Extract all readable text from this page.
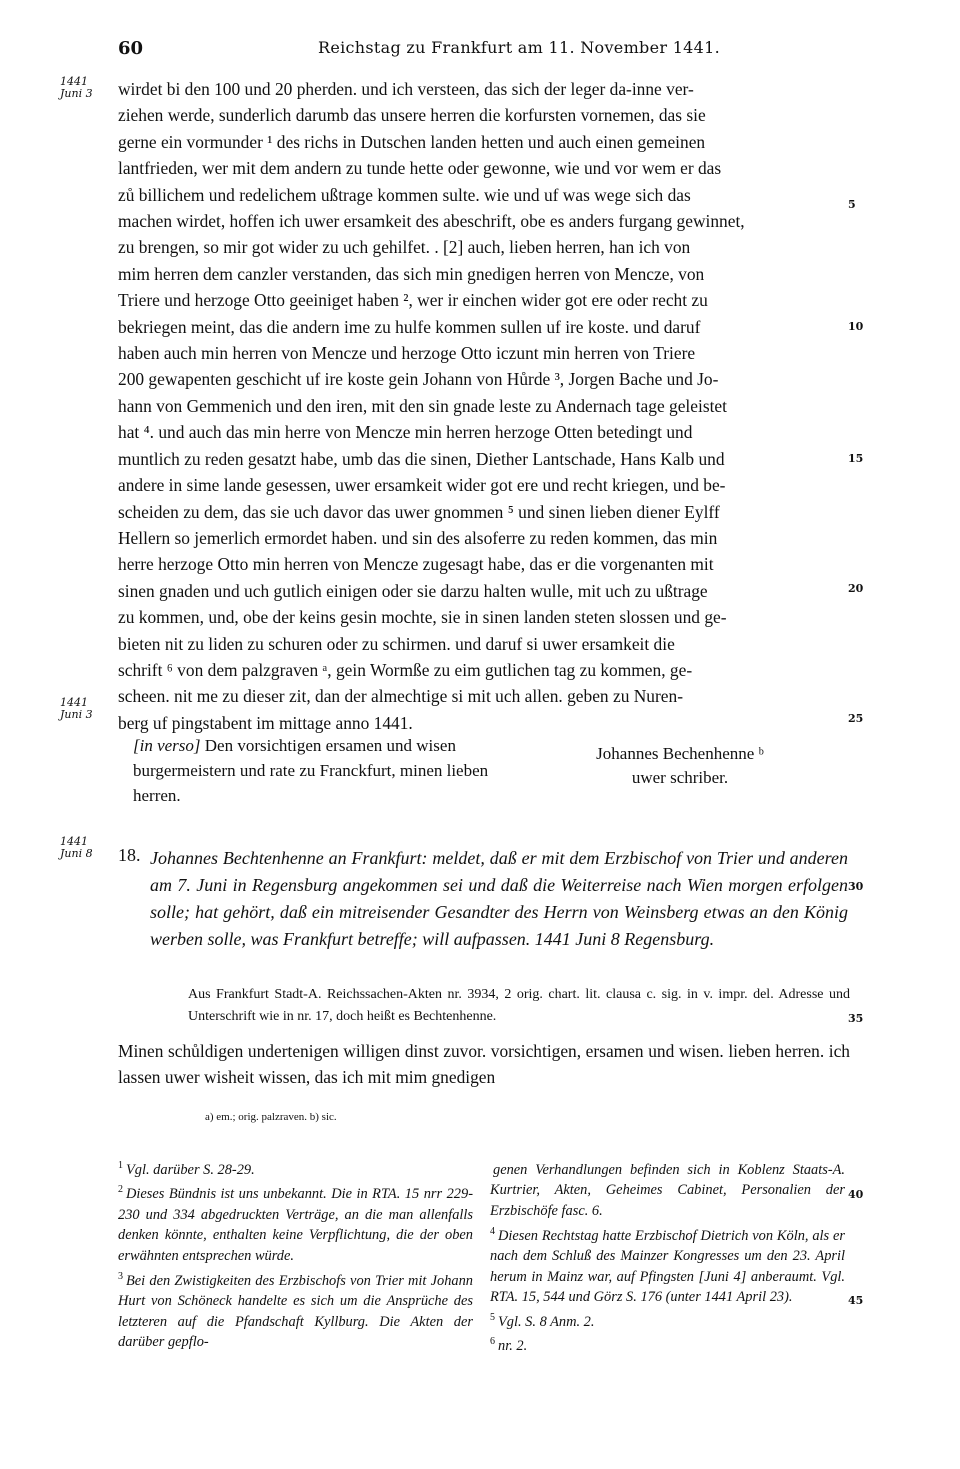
60	Reichstag zu Frankfurt am 11. November 1441.
1441
Juni 3
1441
Juni 3
1441
Juni 8
5
10
15
20
25
30
35
40
45

wirdet bi den 100 und 20 pherden. und ich versteen, das sich der leger da-inne ver-

ziehen werde, sunderlich darumb das unsere herren die korfursten vornemen, das sie

gerne ein vormunder ¹ des richs in Dutschen landen hetten und auch einen gemeinen

lantfrieden, wer mit dem andern zu tunde hette oder gewonne, wie und vor wem er das

zů billichem und redelichem ußtrage kommen sulte. wie und uf was wege sich das

machen wirdet, hoffen ich uwer ersamkeit des abeschrift, obe es anders furgang gewinnet,

zu brengen, so mir got wider zu uch gehilfet. . [2] auch, lieben herren, han ich von

mim herren dem canzler verstanden, das sich min gnedigen herren von Mencze, von

Triere und herzoge Otto geeiniget haben ², wer ir einchen wider got ere oder recht zu

bekriegen meint, das die andern ime zu hulfe kommen sullen uf ire koste. und daruf

haben auch min herren von Mencze und herzoge Otto iczunt min herren von Triere

200 gewapenten geschicht uf ire koste gein Johann von Hůrde ³, Jorgen Bache und Jo-

hann von Gemmenich und den iren, mit den sin gnade leste zu Andernach tage geleistet

hat ⁴. und auch das min herre von Mencze min herren herzoge Otten betedingt und

muntlich zu reden gesatzt habe, umb das die sinen, Diether Lantschade, Hans Kalb und

andere in sime lande gesessen, uwer ersamkeit wider got ere und recht kriegen, und be-

scheiden zu dem, das sie uch davor das uwer gnommen ⁵ und sinen lieben diener Eylff

Hellern so jemerlich ermordet haben. und sin des alsoferre zu reden kommen, das min

herre herzoge Otto min herren von Mencze zugesagt habe, das er die vorgenanten mit

sinen gnaden und uch gutlich einigen oder sie darzu halten wulle, mit uch zu ußtrage

zu kommen, und, obe der keins gesin mochte, sie in sinen landen steten slossen und ge-

bieten nit zu liden zu schuren oder zu schirmen. und daruf si uwer ersamkeit die

schrift ⁶ von dem palzgraven ᵃ, gein Wormße zu eim gutlichen tag zu kommen, ge-

scheen. nit me zu dieser zit, dan der almechtige si mit uch allen. geben zu Nuren-

berg uf pingstabent im mittage anno 1441.

[in verso] Den vorsichtigen ersamen und wisen burgermeistern und rate zu Franckfurt, minen lieben herren.
Johannes Bechenhenne ᵇ
uwer schriber.
18. Johannes Bechtenhenne an Frankfurt: meldet, daß er mit dem Erzbischof von Trier und anderen am 7. Juni in Regensburg angekommen sei und daß die Weiterreise nach Wien morgen erfolgen solle; hat gehört, daß ein mitreisender Gesandter des Herrn von Weinsberg etwas an den König werben solle, was Frankfurt betreffe; will aufpassen. 1441 Juni 8 Regensburg.
Aus Frankfurt Stadt-A. Reichssachen-Akten nr. 3934, 2 orig. chart. lit. clausa c. sig. in v. impr. del. Adresse und Unterschrift wie in nr. 17, doch heißt es Bechtenhenne.
Minen schůldigen undertenigen willigen dinst zuvor. vorsichtigen, ersamen und wisen. lieben herren. ich lassen uwer wisheit wissen, das ich mit mim gnedigen
a) em.; orig. palzraven. b) sic.

$^1$ Vgl. darüber S. 28-29.

$^2$ Dieses Bündnis ist uns unbekannt. Die in RTA. 15 nrr 229-230 und 334 abgedruckten Verträge, an die man allenfalls denken könnte, enthalten keine Verpflichtung, die der oben erwähnten entsprechen würde.

$^3$ Bei den Zwistigkeiten des Erzbischofs von Trier mit Johann Hurt von Schöneck handelte es sich um die Ansprüche des letzteren auf die Pfandschaft Kyllburg. Die Akten der darüber gepflo-

genen Verhandlungen befinden sich in Koblenz Staats-A. Kurtrier, Akten, Geheimes Cabinet, Personalien der Erzbischöfe fasc. 6.

$^4$ Diesen Rechtstag hatte Erzbischof Dietrich von Köln, als er nach dem Schluß des Mainzer Kongresses um den 23. April herum in Mainz war, auf Pfingsten [Juni 4] anberaumt. Vgl. RTA. 15, 544 und Görz S. 176 (unter 1441 April 23).

$^5$ Vgl. S. 8 Anm. 2.

$^6$ nr. 2.
